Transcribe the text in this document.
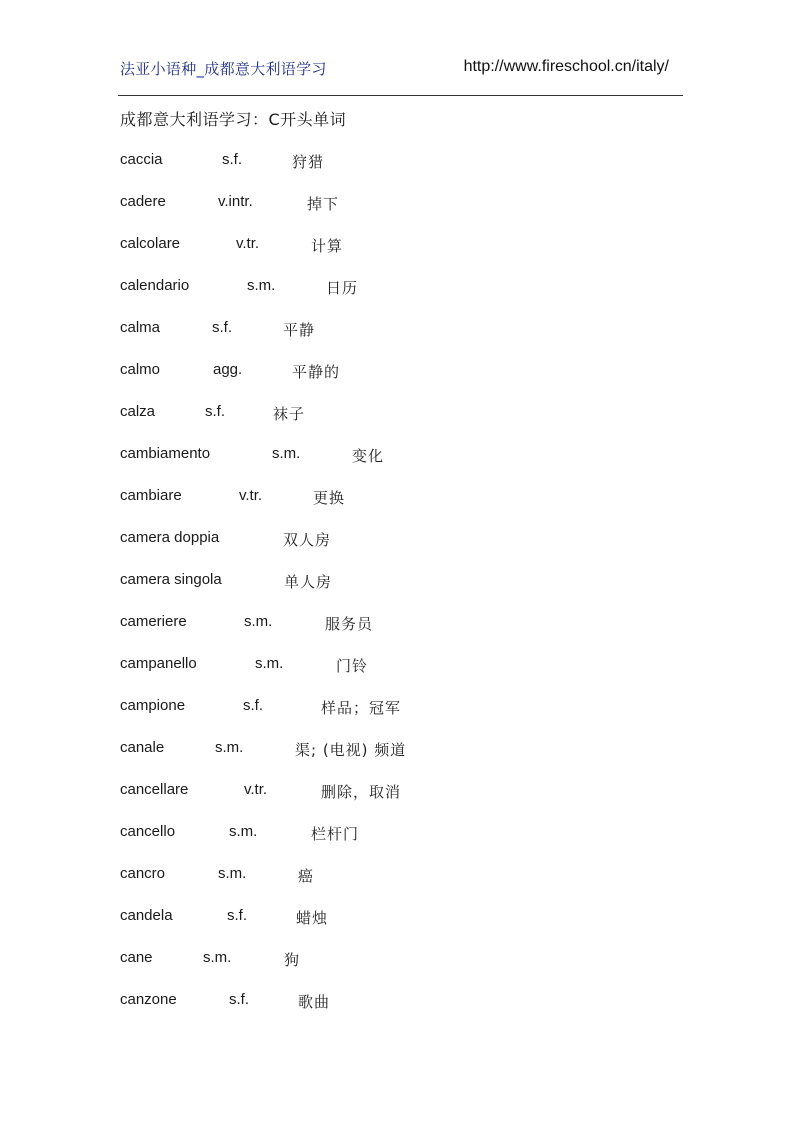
法亚小语种_成都意大利语学习	http://www.fireschool.cn/italy/
成都意大利语学习：C开头单词
caccia	s.f.	狩猎
cadere	v.intr.	掉下
calcolare	v.tr.	计算
calendario	s.m.	日历
calma	s.f.	平静
calmo	agg.	平静的
calza	s.f.	袜子
cambiamento	s.m.	变化
cambiare	v.tr.	更换
camera doppia	双人房
camera singola	单人房
cameriere	s.m.	服务员
campanello	s.m.	门铃
campione	s.f.	样品；冠军
canale	s.m.	渠; (电视) 频道
cancellare	v.tr.	删除，取消
cancello	s.m.	栏杆门
cancro	s.m.	癌
candela	s.f.	蜡烛
cane	s.m.	狗
canzone	s.f.	歌曲
